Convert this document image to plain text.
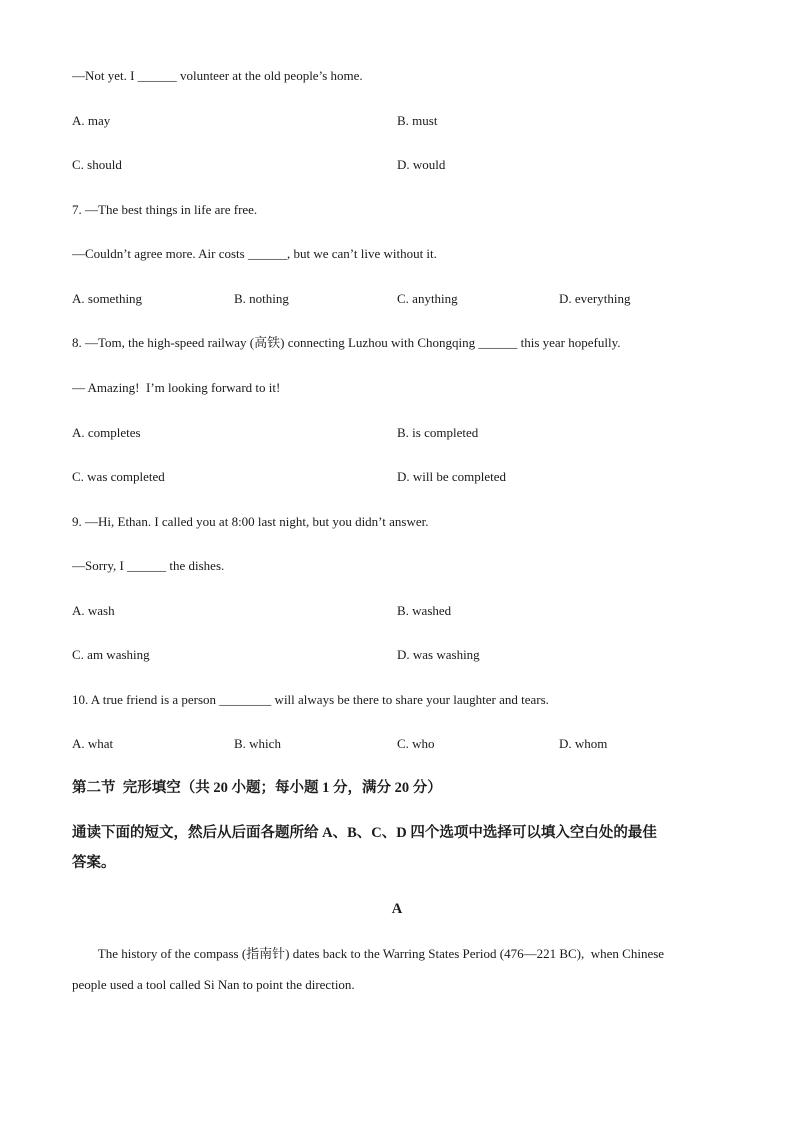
—Not yet. I ______ volunteer at the old people’s home.
A. may	B. must
C. should	D. would
7. —The best things in life are free.
—Couldn’t agree more. Air costs ______, but we can’t live without it.
A. something	B. nothing	C. anything	D. everything
8. —Tom, the high-speed railway (高铁) connecting Luzhou with Chongqing ______ this year hopefully.
— Amazing!  I’m looking forward to it!
A. completes	B. is completed
C. was completed	D. will be completed
9. —Hi, Ethan. I called you at 8:00 last night, but you didn’t answer.
—Sorry, I ______ the dishes.
A. wash	B. washed
C. am washing	D. was washing
10. A true friend is a person ________ will always be there to share your laughter and tears.
A. what	B. which	C. who	D. whom
第二节  完形填空（共 20 小题；每小题 1 分，满分 20 分）
通读下面的短文，然后从后面各题所给 A、B、C、D 四个选项中选择可以填入空白处的最佳
答案。
A
The history of the compass (指南针) dates back to the Warring States Period (476—221 BC),  when Chinese
people used a tool called Si Nan to point the direction.
